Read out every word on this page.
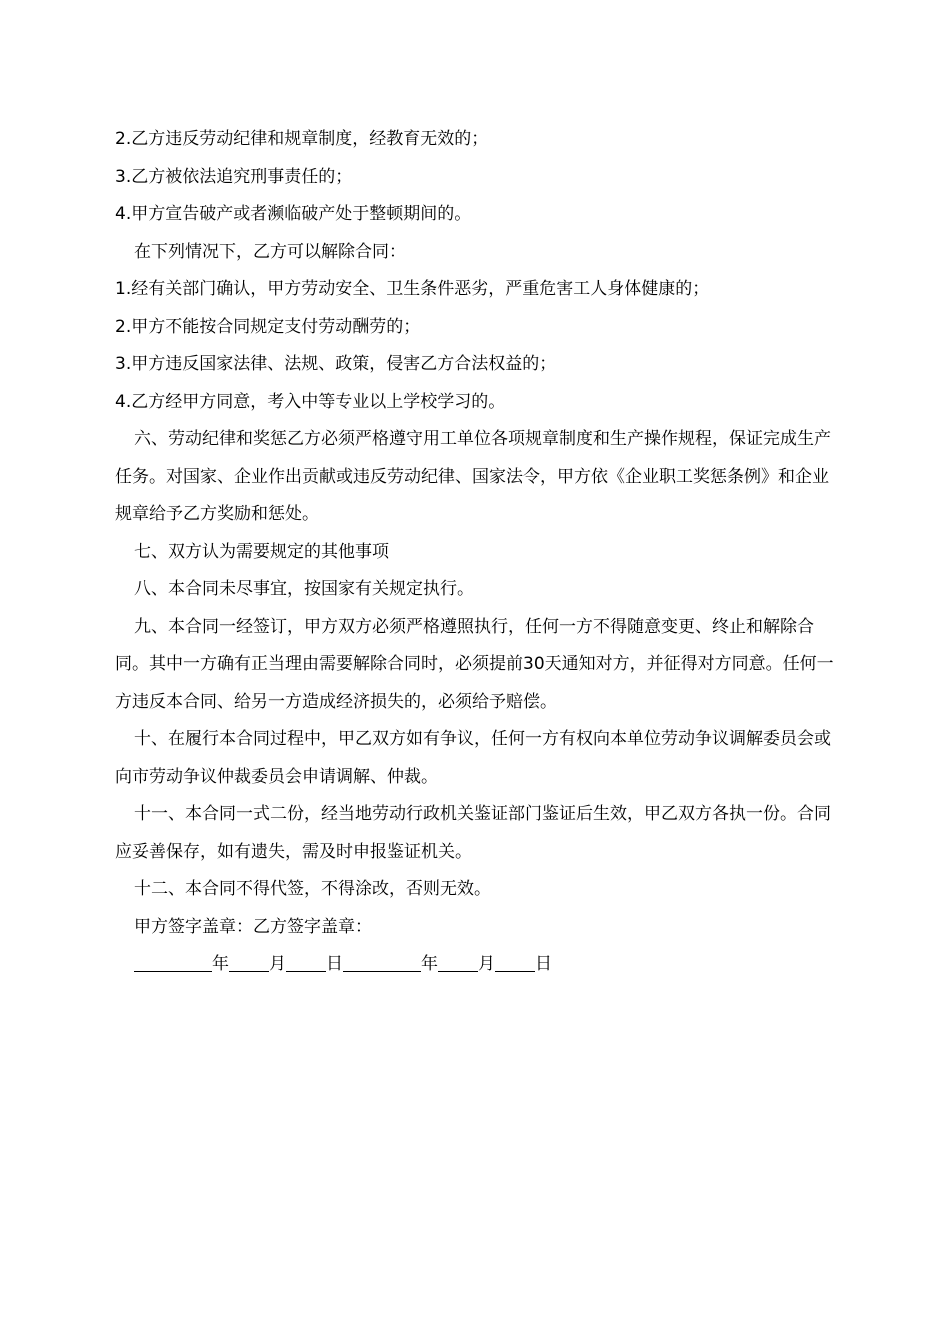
2.乙方违反劳动纪律和规章制度，经教育无效的；

3.乙方被依法追究刑事责任的；

4.甲方宣告破产或者濒临破产处于整顿期间的。

在下列情况下，乙方可以解除合同：

1.经有关部门确认，甲方劳动安全、卫生条件恶劣，严重危害工人身体健康的；

2.甲方不能按合同规定支付劳动酬劳的；

3.甲方违反国家法律、法规、政策，侵害乙方合法权益的；

4.乙方经甲方同意，考入中等专业以上学校学习的。

六、劳动纪律和奖惩乙方必须严格遵守用工单位各项规章制度和生产操作规程，保证完成生产任务。对国家、企业作出贡献或违反劳动纪律、国家法令，甲方依《企业职工奖惩条例》和企业规章给予乙方奖励和惩处。

七、双方认为需要规定的其他事项

八、本合同未尽事宜，按国家有关规定执行。

九、本合同一经签订，甲方双方必须严格遵照执行，任何一方不得随意变更、终止和解除合同。其中一方确有正当理由需要解除合同时，必须提前30天通知对方，并征得对方同意。任何一方违反本合同、给另一方造成经济损失的，必须给予赔偿。

十、在履行本合同过程中，甲乙双方如有争议，任何一方有权向本单位劳动争议调解委员会或向市劳动争议仲裁委员会申请调解、仲裁。

十一、本合同一式二份，经当地劳动行政机关鉴证部门鉴证后生效，甲乙双方各执一份。合同应妥善保存，如有遗失，需及时申报鉴证机关。

十二、本合同不得代签，不得涂改，否则无效。

甲方签字盖章：乙方签字盖章：

年 月 日	年 月 日
